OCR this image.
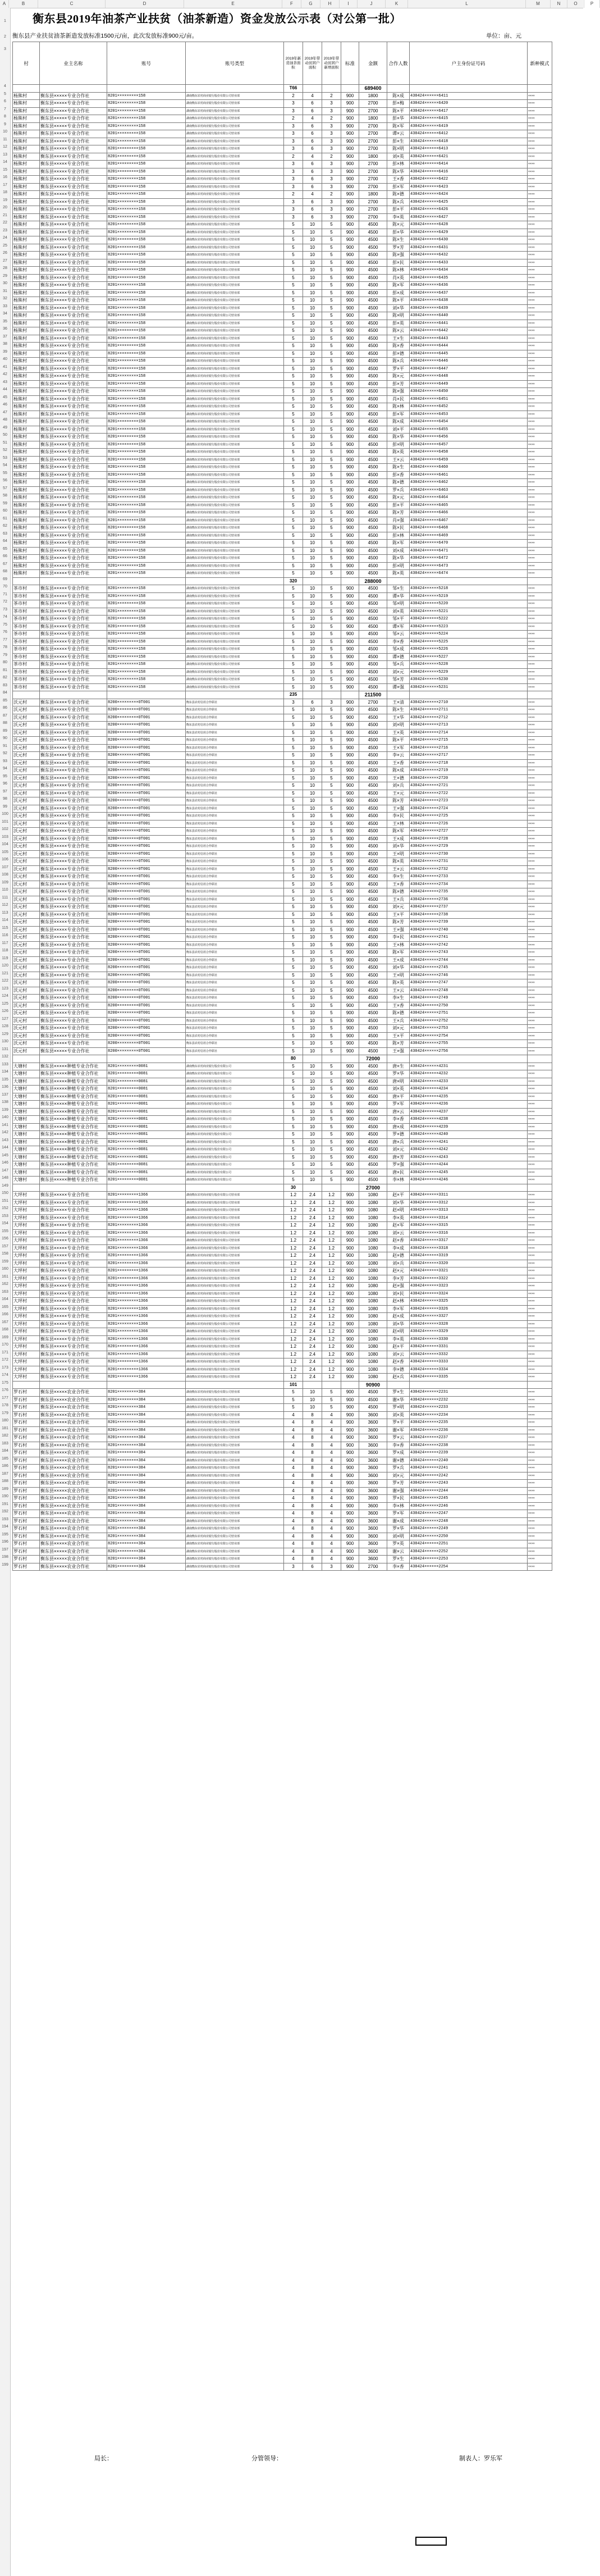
A	B	C	D	E	F	G	H	I	J	K	L	M	N	O	P
1
2
3
4
5
6
7
8
9
10
11
12
13
14
15
16
17
18
19
20
21
22
23
24
25
26
27
28
29
30
31
32
33
34
35
36
37
38
39
40
41
42
43
44
45
46
47
48
49
50
51
52
53
54
55
56
57
58
59
60
61
62
63
64
65
66
67
68
69
70
71
72
73
74
75
76
77
78
79
80
81
82
83
84
85
86
87
88
89
90
91
92
93
94
95
96
97
98
99
100
101
102
103
104
105
106
107
108
109
110
111
112
113
114
115
116
117
118
119
120
121
122
123
124
125
126
127
128
129
130
131
132
133
134
135
136
137
138
139
140
141
142
143
144
145
146
147
148
149
150
151
152
153
154
155
156
157
158
159
160
161
162
163
164
165
166
167
168
169
170
171
172
173
174
175
176
177
178
179
180
181
182
183
184
185
186
187
188
189
190
191
192
193
194
195
196
197
198
199
衡东县2019年油茶产业扶贫（油茶新造）资金发放公示表（对公第一批）
衡东县产业扶贫油茶新造发放标准1500元/亩，此次发放标准900元/亩。	单位：亩、元
村	业主名称	账号	账号类型	2019年新造油茶面积	2019年带动贫困户面积	2019年带动贫困户新增面积	标准	金额	合作人数	户主身份证号码	新种模式
				T66				689400			
杨熊村	衡东县×××××专业合作社	8201×××××××××158	湖南衡东农村商业银行股份有限公司营业部	2	4	2	900	1800	陈×成	430424××××××6411	××××
杨熊村	衡东县×××××专业合作社	8201×××××××××158	湖南衡东农村商业银行股份有限公司营业部	3	6	3	900	2700	彭×梅	430424××××××6420	××××
杨熊村	衡东县×××××专业合作社	8201×××××××××158	湖南衡东农村商业银行股份有限公司营业部	3	6	3	900	2700	陈×平	430424××××××6417	××××
杨熊村	衡东县×××××专业合作社	8201×××××××××158	湖南衡东农村商业银行股份有限公司营业部	2	4	2	900	1800	彭×华	430424××××××6415	××××
杨熊村	衡东县×××××专业合作社	8201×××××××××158	湖南衡东农村商业银行股份有限公司营业部	3	6	3	900	2700	陈×军	430424××××××6419	××××
杨熊村	衡东县×××××专业合作社	8201×××××××××158	湖南衡东农村商业银行股份有限公司营业部	3	6	3	900	2700	谭×云	430424××××××6412	××××
杨熊村	衡东县×××××专业合作社	8201×××××××××158	湖南衡东农村商业银行股份有限公司营业部	3	6	3	900	2700	彭×生	430424××××××6418	××××
杨熊村	衡东县×××××专业合作社	8201×××××××××158	湖南衡东农村商业银行股份有限公司营业部	3	6	3	900	2700	陈×明	430424××××××6413	××××
杨熊村	衡东县×××××专业合作社	8201×××××××××158	湖南衡东农村商业银行股份有限公司营业部	2	4	2	900	1800	刘×英	430424××××××6421	××××
杨熊村	衡东县×××××专业合作社	8201×××××××××158	湖南衡东农村商业银行股份有限公司营业部	3	6	3	900	2700	彭×林	430424××××××6414	××××
杨熊村	衡东县×××××专业合作社	8201×××××××××158	湖南衡东农村商业银行股份有限公司营业部	3	6	3	900	2700	陈×华	430424××××××6416	××××
杨熊村	衡东县×××××专业合作社	8201×××××××××158	湖南衡东农村商业银行股份有限公司营业部	3	6	3	900	2700	王×香	430424××××××6422	××××
杨熊村	衡东县×××××专业合作社	8201×××××××××158	湖南衡东农村商业银行股份有限公司营业部	3	6	3	900	2700	彭×军	430424××××××6423	××××
杨熊村	衡东县×××××专业合作社	8201×××××××××158	湖南衡东农村商业银行股份有限公司营业部	2	4	2	900	1800	陈×德	430424××××××6424	××××
杨熊村	衡东县×××××专业合作社	8201×××××××××158	湖南衡东农村商业银行股份有限公司营业部	3	6	3	900	2700	陈×兵	430424××××××6425	××××
杨熊村	衡东县×××××专业合作社	8201×××××××××158	湖南衡东农村商业银行股份有限公司营业部	3	6	3	900	2700	彭×平	430424××××××6426	××××
杨熊村	衡东县×××××专业合作社	8201×××××××××158	湖南衡东农村商业银行股份有限公司营业部	3	6	3	900	2700	李×英	430424××××××6427	××××
杨熊村	衡东县×××××专业合作社	8201×××××××××158	湖南衡东农村商业银行股份有限公司营业部	5	10	5	900	4500	陈×元	430424××××××6428	××××
杨熊村	衡东县×××××专业合作社	8201×××××××××158	湖南衡东农村商业银行股份有限公司营业部	5	10	5	900	4500	彭×华	430424××××××6429	××××
杨熊村	衡东县×××××专业合作社	8201×××××××××158	湖南衡东农村商业银行股份有限公司营业部	5	10	5	900	4500	陈×生	430424××××××6430	××××
杨熊村	衡东县×××××专业合作社	8201×××××××××158	湖南衡东农村商业银行股份有限公司营业部	5	10	5	900	4500	罗×芳	430424××××××6431	××××
杨熊村	衡东县×××××专业合作社	8201×××××××××158	湖南衡东农村商业银行股份有限公司营业部	5	10	5	900	4500	陈×强	430424××××××6432	××××
杨熊村	衡东县×××××专业合作社	8201×××××××××158	湖南衡东农村商业银行股份有限公司营业部	5	10	5	900	4500	彭×民	430424××××××6433	××××
杨熊村	衡东县×××××专业合作社	8201×××××××××158	湖南衡东农村商业银行股份有限公司营业部	5	10	5	900	4500	陈×林	430424××××××6434	××××
杨熊村	衡东县×××××专业合作社	8201×××××××××158	湖南衡东农村商业银行股份有限公司营业部	5	10	5	900	4500	肖×英	430424××××××6435	××××
杨熊村	衡东县×××××专业合作社	8201×××××××××158	湖南衡东农村商业银行股份有限公司营业部	5	10	5	900	4500	陈×军	430424××××××6436	××××
杨熊村	衡东县×××××专业合作社	8201×××××××××158	湖南衡东农村商业银行股份有限公司营业部	5	10	5	900	4500	彭×成	430424××××××6437	××××
杨熊村	衡东县×××××专业合作社	8201×××××××××158	湖南衡东农村商业银行股份有限公司营业部	5	10	5	900	4500	陈×平	430424××××××6438	××××
杨熊村	衡东县×××××专业合作社	8201×××××××××158	湖南衡东农村商业银行股份有限公司营业部	5	10	5	900	4500	刘×华	430424××××××6439	××××
杨熊村	衡东县×××××专业合作社	8201×××××××××158	湖南衡东农村商业银行股份有限公司营业部	5	10	5	900	4500	陈×明	430424××××××6440	××××
杨熊村	衡东县×××××专业合作社	8201×××××××××158	湖南衡东农村商业银行股份有限公司营业部	5	10	5	900	4500	彭×英	430424××××××6441	××××
杨熊村	衡东县×××××专业合作社	8201×××××××××158	湖南衡东农村商业银行股份有限公司营业部	5	10	5	900	4500	陈×云	430424××××××6442	××××
杨熊村	衡东县×××××专业合作社	8201×××××××××158	湖南衡东农村商业银行股份有限公司营业部	5	10	5	900	4500	王×生	430424××××××6443	××××
杨熊村	衡东县×××××专业合作社	8201×××××××××158	湖南衡东农村商业银行股份有限公司营业部	5	10	5	900	4500	陈×香	430424××××××6444	××××
杨熊村	衡东县×××××专业合作社	8201×××××××××158	湖南衡东农村商业银行股份有限公司营业部	5	10	5	900	4500	彭×德	430424××××××6445	××××
杨熊村	衡东县×××××专业合作社	8201×××××××××158	湖南衡东农村商业银行股份有限公司营业部	5	10	5	900	4500	陈×兵	430424××××××6446	××××
杨熊村	衡东县×××××专业合作社	8201×××××××××158	湖南衡东农村商业银行股份有限公司营业部	5	10	5	900	4500	罗×平	430424××××××6447	××××
杨熊村	衡东县×××××专业合作社	8201×××××××××158	湖南衡东农村商业银行股份有限公司营业部	5	10	5	900	4500	陈×元	430424××××××6448	××××
杨熊村	衡东县×××××专业合作社	8201×××××××××158	湖南衡东农村商业银行股份有限公司营业部	5	10	5	900	4500	彭×芳	430424××××××6449	××××
杨熊村	衡东县×××××专业合作社	8201×××××××××158	湖南衡东农村商业银行股份有限公司营业部	5	10	5	900	4500	陈×强	430424××××××6450	××××
杨熊村	衡东县×××××专业合作社	8201×××××××××158	湖南衡东农村商业银行股份有限公司营业部	5	10	5	900	4500	肖×民	430424××××××6451	××××
杨熊村	衡东县×××××专业合作社	8201×××××××××158	湖南衡东农村商业银行股份有限公司营业部	5	10	5	900	4500	陈×林	430424××××××6452	××××
杨熊村	衡东县×××××专业合作社	8201×××××××××158	湖南衡东农村商业银行股份有限公司营业部	5	10	5	900	4500	彭×军	430424××××××6453	××××
杨熊村	衡东县×××××专业合作社	8201×××××××××158	湖南衡东农村商业银行股份有限公司营业部	5	10	5	900	4500	陈×成	430424××××××6454	××××
杨熊村	衡东县×××××专业合作社	8201×××××××××158	湖南衡东农村商业银行股份有限公司营业部	5	10	5	900	4500	刘×平	430424××××××6455	××××
杨熊村	衡东县×××××专业合作社	8201×××××××××158	湖南衡东农村商业银行股份有限公司营业部	5	10	5	900	4500	陈×华	430424××××××6456	××××
杨熊村	衡东县×××××专业合作社	8201×××××××××158	湖南衡东农村商业银行股份有限公司营业部	5	10	5	900	4500	彭×明	430424××××××6457	××××
杨熊村	衡东县×××××专业合作社	8201×××××××××158	湖南衡东农村商业银行股份有限公司营业部	5	10	5	900	4500	陈×英	430424××××××6458	××××
杨熊村	衡东县×××××专业合作社	8201×××××××××158	湖南衡东农村商业银行股份有限公司营业部	5	10	5	900	4500	王×云	430424××××××6459	××××
杨熊村	衡东县×××××专业合作社	8201×××××××××158	湖南衡东农村商业银行股份有限公司营业部	5	10	5	900	4500	陈×生	430424××××××6460	××××
杨熊村	衡东县×××××专业合作社	8201×××××××××158	湖南衡东农村商业银行股份有限公司营业部	5	10	5	900	4500	彭×香	430424××××××6461	××××
杨熊村	衡东县×××××专业合作社	8201×××××××××158	湖南衡东农村商业银行股份有限公司营业部	5	10	5	900	4500	陈×德	430424××××××6462	××××
杨熊村	衡东县×××××专业合作社	8201×××××××××158	湖南衡东农村商业银行股份有限公司营业部	5	10	5	900	4500	罗×兵	430424××××××6463	××××
杨熊村	衡东县×××××专业合作社	8201×××××××××158	湖南衡东农村商业银行股份有限公司营业部	5	10	5	900	4500	陈×元	430424××××××6464	××××
杨熊村	衡东县×××××专业合作社	8201×××××××××158	湖南衡东农村商业银行股份有限公司营业部	5	10	5	900	4500	彭×平	430424××××××6465	××××
杨熊村	衡东县×××××专业合作社	8201×××××××××158	湖南衡东农村商业银行股份有限公司营业部	5	10	5	900	4500	陈×芳	430424××××××6466	××××
杨熊村	衡东县×××××专业合作社	8201×××××××××158	湖南衡东农村商业银行股份有限公司营业部	5	10	5	900	4500	肖×强	430424××××××6467	××××
杨熊村	衡东县×××××专业合作社	8201×××××××××158	湖南衡东农村商业银行股份有限公司营业部	5	10	5	900	4500	陈×民	430424××××××6468	××××
杨熊村	衡东县×××××专业合作社	8201×××××××××158	湖南衡东农村商业银行股份有限公司营业部	5	10	5	900	4500	彭×林	430424××××××6469	××××
杨熊村	衡东县×××××专业合作社	8201×××××××××158	湖南衡东农村商业银行股份有限公司营业部	5	10	5	900	4500	陈×军	430424××××××6470	××××
杨熊村	衡东县×××××专业合作社	8201×××××××××158	湖南衡东农村商业银行股份有限公司营业部	5	10	5	900	4500	刘×成	430424××××××6471	××××
杨熊村	衡东县×××××专业合作社	8201×××××××××158	湖南衡东农村商业银行股份有限公司营业部	5	10	5	900	4500	陈×华	430424××××××6472	××××
杨熊村	衡东县×××××专业合作社	8201×××××××××158	湖南衡东农村商业银行股份有限公司营业部	5	10	5	900	4500	彭×明	430424××××××6473	××××
杨熊村	衡东县×××××专业合作社	8201×××××××××158	湖南衡东农村商业银行股份有限公司营业部	5	10	5	900	4500	陈×英	430424××××××6474	××××
				320				288000			
茶市村	衡东县×××××专业合作社	8201×××××××××158	湖南衡东农村商业银行股份有限公司营业部	5	10	5	900	4500	邹×生	430424××××××5218	××××
茶市村	衡东县×××××专业合作社	8201×××××××××158	湖南衡东农村商业银行股份有限公司营业部	5	10	5	900	4500	谭×华	430424××××××5219	××××
茶市村	衡东县×××××专业合作社	8201×××××××××158	湖南衡东农村商业银行股份有限公司营业部	5	10	5	900	4500	邹×明	430424××××××5220	××××
茶市村	衡东县×××××专业合作社	8201×××××××××158	湖南衡东农村商业银行股份有限公司营业部	5	10	5	900	4500	刘×英	430424××××××5221	××××
茶市村	衡东县×××××专业合作社	8201×××××××××158	湖南衡东农村商业银行股份有限公司营业部	5	10	5	900	4500	邹×平	430424××××××5222	××××
茶市村	衡东县×××××专业合作社	8201×××××××××158	湖南衡东农村商业银行股份有限公司营业部	5	10	5	900	4500	谭×军	430424××××××5223	××××
茶市村	衡东县×××××专业合作社	8201×××××××××158	湖南衡东农村商业银行股份有限公司营业部	5	10	5	900	4500	邹×云	430424××××××5224	××××
茶市村	衡东县×××××专业合作社	8201×××××××××158	湖南衡东农村商业银行股份有限公司营业部	5	10	5	900	4500	李×香	430424××××××5225	××××
茶市村	衡东县×××××专业合作社	8201×××××××××158	湖南衡东农村商业银行股份有限公司营业部	5	10	5	900	4500	邹×成	430424××××××5226	××××
茶市村	衡东县×××××专业合作社	8201×××××××××158	湖南衡东农村商业银行股份有限公司营业部	5	10	5	900	4500	谭×德	430424××××××5227	××××
茶市村	衡东县×××××专业合作社	8201×××××××××158	湖南衡东农村商业银行股份有限公司营业部	5	10	5	900	4500	邹×兵	430424××××××5228	××××
茶市村	衡东县×××××专业合作社	8201×××××××××158	湖南衡东农村商业银行股份有限公司营业部	5	10	5	900	4500	刘×元	430424××××××5229	××××
茶市村	衡东县×××××专业合作社	8201×××××××××158	湖南衡东农村商业银行股份有限公司营业部	5	10	5	900	4500	邹×芳	430424××××××5230	××××
茶市村	衡东县×××××专业合作社	8201×××××××××158	湖南衡东农村商业银行股份有限公司营业部	5	10	5	900	4500	谭×强	430424××××××5231	××××
				235				211500			
沃元村	衡东县×××××专业合作社	8200×××××××××0T001	衡东县农村信用合作联社	3	6	3	900	2700	王×清	430424××××××2710	××××
沃元村	衡东县×××××专业合作社	8200×××××××××0T001	衡东县农村信用合作联社	5	10	5	900	4500	陈×生	430424××××××2711	××××
沃元村	衡东县×××××专业合作社	8200×××××××××0T001	衡东县农村信用合作联社	5	10	5	900	4500	王×华	430424××××××2712	××××
沃元村	衡东县×××××专业合作社	8200×××××××××0T001	衡东县农村信用合作联社	5	10	5	900	4500	刘×明	430424××××××2713	××××
沃元村	衡东县×××××专业合作社	8200×××××××××0T001	衡东县农村信用合作联社	5	10	5	900	4500	王×英	430424××××××2714	××××
沃元村	衡东县×××××专业合作社	8200×××××××××0T001	衡东县农村信用合作联社	5	10	5	900	4500	陈×平	430424××××××2715	××××
沃元村	衡东县×××××专业合作社	8200×××××××××0T001	衡东县农村信用合作联社	5	10	5	900	4500	王×军	430424××××××2716	××××
沃元村	衡东县×××××专业合作社	8200×××××××××0T001	衡东县农村信用合作联社	5	10	5	900	4500	李×云	430424××××××2717	××××
沃元村	衡东县×××××专业合作社	8200×××××××××0T001	衡东县农村信用合作联社	5	10	5	900	4500	王×香	430424××××××2718	××××
沃元村	衡东县×××××专业合作社	8200×××××××××0T001	衡东县农村信用合作联社	5	10	5	900	4500	陈×成	430424××××××2719	××××
沃元村	衡东县×××××专业合作社	8200×××××××××0T001	衡东县农村信用合作联社	5	10	5	900	4500	王×德	430424××××××2720	××××
沃元村	衡东县×××××专业合作社	8200×××××××××0T001	衡东县农村信用合作联社	5	10	5	900	4500	刘×兵	430424××××××2721	××××
沃元村	衡东县×××××专业合作社	8200×××××××××0T001	衡东县农村信用合作联社	5	10	5	900	4500	王×元	430424××××××2722	××××
沃元村	衡东县×××××专业合作社	8200×××××××××0T001	衡东县农村信用合作联社	5	10	5	900	4500	陈×芳	430424××××××2723	××××
沃元村	衡东县×××××专业合作社	8200×××××××××0T001	衡东县农村信用合作联社	5	10	5	900	4500	王×强	430424××××××2724	××××
沃元村	衡东县×××××专业合作社	8200×××××××××0T001	衡东县农村信用合作联社	5	10	5	900	4500	李×民	430424××××××2725	××××
沃元村	衡东县×××××专业合作社	8200×××××××××0T001	衡东县农村信用合作联社	5	10	5	900	4500	王×林	430424××××××2726	××××
沃元村	衡东县×××××专业合作社	8200×××××××××0T001	衡东县农村信用合作联社	5	10	5	900	4500	陈×军	430424××××××2727	××××
沃元村	衡东县×××××专业合作社	8200×××××××××0T001	衡东县农村信用合作联社	5	10	5	900	4500	王×成	430424××××××2728	××××
沃元村	衡东县×××××专业合作社	8200×××××××××0T001	衡东县农村信用合作联社	5	10	5	900	4500	刘×华	430424××××××2729	××××
沃元村	衡东县×××××专业合作社	8200×××××××××0T001	衡东县农村信用合作联社	5	10	5	900	4500	王×明	430424××××××2730	××××
沃元村	衡东县×××××专业合作社	8200×××××××××0T001	衡东县农村信用合作联社	5	10	5	900	4500	陈×英	430424××××××2731	××××
沃元村	衡东县×××××专业合作社	8200×××××××××0T001	衡东县农村信用合作联社	5	10	5	900	4500	王×云	430424××××××2732	××××
沃元村	衡东县×××××专业合作社	8200×××××××××0T001	衡东县农村信用合作联社	5	10	5	900	4500	李×生	430424××××××2733	××××
沃元村	衡东县×××××专业合作社	8200×××××××××0T001	衡东县农村信用合作联社	5	10	5	900	4500	王×香	430424××××××2734	××××
沃元村	衡东县×××××专业合作社	8200×××××××××0T001	衡东县农村信用合作联社	5	10	5	900	4500	陈×德	430424××××××2735	××××
沃元村	衡东县×××××专业合作社	8200×××××××××0T001	衡东县农村信用合作联社	5	10	5	900	4500	王×兵	430424××××××2736	××××
沃元村	衡东县×××××专业合作社	8200×××××××××0T001	衡东县农村信用合作联社	5	10	5	900	4500	刘×元	430424××××××2737	××××
沃元村	衡东县×××××专业合作社	8200×××××××××0T001	衡东县农村信用合作联社	5	10	5	900	4500	王×平	430424××××××2738	××××
沃元村	衡东县×××××专业合作社	8200×××××××××0T001	衡东县农村信用合作联社	5	10	5	900	4500	陈×芳	430424××××××2739	××××
沃元村	衡东县×××××专业合作社	8200×××××××××0T001	衡东县农村信用合作联社	5	10	5	900	4500	王×强	430424××××××2740	××××
沃元村	衡东县×××××专业合作社	8200×××××××××0T001	衡东县农村信用合作联社	5	10	5	900	4500	李×民	430424××××××2741	××××
沃元村	衡东县×××××专业合作社	8200×××××××××0T001	衡东县农村信用合作联社	5	10	5	900	4500	王×林	430424××××××2742	××××
沃元村	衡东县×××××专业合作社	8200×××××××××0T001	衡东县农村信用合作联社	5	10	5	900	4500	陈×军	430424××××××2743	××××
沃元村	衡东县×××××专业合作社	8200×××××××××0T001	衡东县农村信用合作联社	5	10	5	900	4500	王×成	430424××××××2744	××××
沃元村	衡东县×××××专业合作社	8200×××××××××0T001	衡东县农村信用合作联社	5	10	5	900	4500	刘×华	430424××××××2745	××××
沃元村	衡东县×××××专业合作社	8200×××××××××0T001	衡东县农村信用合作联社	5	10	5	900	4500	王×明	430424××××××2746	××××
沃元村	衡东县×××××专业合作社	8200×××××××××0T001	衡东县农村信用合作联社	5	10	5	900	4500	陈×英	430424××××××2747	××××
沃元村	衡东县×××××专业合作社	8200×××××××××0T001	衡东县农村信用合作联社	5	10	5	900	4500	王×云	430424××××××2748	××××
沃元村	衡东县×××××专业合作社	8200×××××××××0T001	衡东县农村信用合作联社	5	10	5	900	4500	李×生	430424××××××2749	××××
沃元村	衡东县×××××专业合作社	8200×××××××××0T001	衡东县农村信用合作联社	5	10	5	900	4500	王×香	430424××××××2750	××××
沃元村	衡东县×××××专业合作社	8200×××××××××0T001	衡东县农村信用合作联社	5	10	5	900	4500	陈×德	430424××××××2751	××××
沃元村	衡东县×××××专业合作社	8200×××××××××0T001	衡东县农村信用合作联社	5	10	5	900	4500	王×兵	430424××××××2752	××××
沃元村	衡东县×××××专业合作社	8200×××××××××0T001	衡东县农村信用合作联社	5	10	5	900	4500	刘×元	430424××××××2753	××××
沃元村	衡东县×××××专业合作社	8200×××××××××0T001	衡东县农村信用合作联社	5	10	5	900	4500	王×平	430424××××××2754	××××
沃元村	衡东县×××××专业合作社	8200×××××××××0T001	衡东县农村信用合作联社	5	10	5	900	4500	陈×芳	430424××××××2755	××××
沃元村	衡东县×××××专业合作社	8200×××××××××0T001	衡东县农村信用合作联社	5	10	5	900	4500	王×强	430424××××××2756	××××
				80				72000			
大塘村	衡东县×××××种植专业合作社	8201×××××××××0081	湖南衡东农村商业银行股份有限公司	5	10	5	900	4500	唐×生	430424××××××4231	××××
大塘村	衡东县×××××种植专业合作社	8201×××××××××0081	湖南衡东农村商业银行股份有限公司	5	10	5	900	4500	罗×华	430424××××××4232	××××
大塘村	衡东县×××××种植专业合作社	8201×××××××××0081	湖南衡东农村商业银行股份有限公司	5	10	5	900	4500	唐×明	430424××××××4233	××××
大塘村	衡东县×××××种植专业合作社	8201×××××××××0081	湖南衡东农村商业银行股份有限公司	5	10	5	900	4500	刘×英	430424××××××4234	××××
大塘村	衡东县×××××种植专业合作社	8201×××××××××0081	湖南衡东农村商业银行股份有限公司	5	10	5	900	4500	唐×平	430424××××××4235	××××
大塘村	衡东县×××××种植专业合作社	8201×××××××××0081	湖南衡东农村商业银行股份有限公司	5	10	5	900	4500	罗×军	430424××××××4236	××××
大塘村	衡东县×××××种植专业合作社	8201×××××××××0081	湖南衡东农村商业银行股份有限公司	5	10	5	900	4500	唐×云	430424××××××4237	××××
大塘村	衡东县×××××种植专业合作社	8201×××××××××0081	湖南衡东农村商业银行股份有限公司	5	10	5	900	4500	李×香	430424××××××4238	××××
大塘村	衡东县×××××种植专业合作社	8201×××××××××0081	湖南衡东农村商业银行股份有限公司	5	10	5	900	4500	唐×成	430424××××××4239	××××
大塘村	衡东县×××××种植专业合作社	8201×××××××××0081	湖南衡东农村商业银行股份有限公司	5	10	5	900	4500	罗×德	430424××××××4240	××××
大塘村	衡东县×××××种植专业合作社	8201×××××××××0081	湖南衡东农村商业银行股份有限公司	5	10	5	900	4500	唐×兵	430424××××××4241	××××
大塘村	衡东县×××××种植专业合作社	8201×××××××××0081	湖南衡东农村商业银行股份有限公司	5	10	5	900	4500	刘×元	430424××××××4242	××××
大塘村	衡东县×××××种植专业合作社	8201×××××××××0081	湖南衡东农村商业银行股份有限公司	5	10	5	900	4500	唐×芳	430424××××××4243	××××
大塘村	衡东县×××××种植专业合作社	8201×××××××××0081	湖南衡东农村商业银行股份有限公司	5	10	5	900	4500	罗×强	430424××××××4244	××××
大塘村	衡东县×××××种植专业合作社	8201×××××××××0081	湖南衡东农村商业银行股份有限公司	5	10	5	900	4500	唐×民	430424××××××4245	××××
大塘村	衡东县×××××种植专业合作社	8201×××××××××0081	湖南衡东农村商业银行股份有限公司	5	10	5	900	4500	李×林	430424××××××4246	××××
				30				27000			
大坪村	衡东县×××××专业合作社	8201×××××××××1366	湖南衡东农村商业银行股份有限公司营业部	1.2	2.4	1.2	900	1080	赵×平	430424××××××3311	××××
大坪村	衡东县×××××专业合作社	8201×××××××××1366	湖南衡东农村商业银行股份有限公司营业部	1.2	2.4	1.2	900	1080	刘×华	430424××××××3312	××××
大坪村	衡东县×××××专业合作社	8201×××××××××1366	湖南衡东农村商业银行股份有限公司营业部	1.2	2.4	1.2	900	1080	赵×明	430424××××××3313	××××
大坪村	衡东县×××××专业合作社	8201×××××××××1366	湖南衡东农村商业银行股份有限公司营业部	1.2	2.4	1.2	900	1080	李×英	430424××××××3314	××××
大坪村	衡东县×××××专业合作社	8201×××××××××1366	湖南衡东农村商业银行股份有限公司营业部	1.2	2.4	1.2	900	1080	赵×军	430424××××××3315	××××
大坪村	衡东县×××××专业合作社	8201×××××××××1366	湖南衡东农村商业银行股份有限公司营业部	1.2	2.4	1.2	900	1080	刘×云	430424××××××3316	××××
大坪村	衡东县×××××专业合作社	8201×××××××××1366	湖南衡东农村商业银行股份有限公司营业部	1.2	2.4	1.2	900	1080	赵×香	430424××××××3317	××××
大坪村	衡东县×××××专业合作社	8201×××××××××1366	湖南衡东农村商业银行股份有限公司营业部	1.2	2.4	1.2	900	1080	李×成	430424××××××3318	××××
大坪村	衡东县×××××专业合作社	8201×××××××××1366	湖南衡东农村商业银行股份有限公司营业部	1.2	2.4	1.2	900	1080	赵×德	430424××××××3319	××××
大坪村	衡东县×××××专业合作社	8201×××××××××1366	湖南衡东农村商业银行股份有限公司营业部	1.2	2.4	1.2	900	1080	刘×兵	430424××××××3320	××××
大坪村	衡东县×××××专业合作社	8201×××××××××1366	湖南衡东农村商业银行股份有限公司营业部	1.2	2.4	1.2	900	1080	赵×元	430424××××××3321	××××
大坪村	衡东县×××××专业合作社	8201×××××××××1366	湖南衡东农村商业银行股份有限公司营业部	1.2	2.4	1.2	900	1080	李×芳	430424××××××3322	××××
大坪村	衡东县×××××专业合作社	8201×××××××××1366	湖南衡东农村商业银行股份有限公司营业部	1.2	2.4	1.2	900	1080	赵×强	430424××××××3323	××××
大坪村	衡东县×××××专业合作社	8201×××××××××1366	湖南衡东农村商业银行股份有限公司营业部	1.2	2.4	1.2	900	1080	刘×民	430424××××××3324	××××
大坪村	衡东县×××××专业合作社	8201×××××××××1366	湖南衡东农村商业银行股份有限公司营业部	1.2	2.4	1.2	900	1080	赵×林	430424××××××3325	××××
大坪村	衡东县×××××专业合作社	8201×××××××××1366	湖南衡东农村商业银行股份有限公司营业部	1.2	2.4	1.2	900	1080	李×军	430424××××××3326	××××
大坪村	衡东县×××××专业合作社	8201×××××××××1366	湖南衡东农村商业银行股份有限公司营业部	1.2	2.4	1.2	900	1080	赵×成	430424××××××3327	××××
大坪村	衡东县×××××专业合作社	8201×××××××××1366	湖南衡东农村商业银行股份有限公司营业部	1.2	2.4	1.2	900	1080	刘×华	430424××××××3328	××××
大坪村	衡东县×××××专业合作社	8201×××××××××1366	湖南衡东农村商业银行股份有限公司营业部	1.2	2.4	1.2	900	1080	赵×明	430424××××××3329	××××
大坪村	衡东县×××××专业合作社	8201×××××××××1366	湖南衡东农村商业银行股份有限公司营业部	1.2	2.4	1.2	900	1080	李×英	430424××××××3330	××××
大坪村	衡东县×××××专业合作社	8201×××××××××1366	湖南衡东农村商业银行股份有限公司营业部	1.2	2.4	1.2	900	1080	赵×平	430424××××××3331	××××
大坪村	衡东县×××××专业合作社	8201×××××××××1366	湖南衡东农村商业银行股份有限公司营业部	1.2	2.4	1.2	900	1080	刘×云	430424××××××3332	××××
大坪村	衡东县×××××专业合作社	8201×××××××××1366	湖南衡东农村商业银行股份有限公司营业部	1.2	2.4	1.2	900	1080	赵×香	430424××××××3333	××××
大坪村	衡东县×××××专业合作社	8201×××××××××1366	湖南衡东农村商业银行股份有限公司营业部	1.2	2.4	1.2	900	1080	李×德	430424××××××3334	××××
大坪村	衡东县×××××专业合作社	8201×××××××××1366	湖南衡东农村商业银行股份有限公司营业部	1.2	2.4	1.2	900	1080	赵×兵	430424××××××3335	××××
				101				90900			
罗石村	衡东县×××××农业合作社	8201×××××××××384	湖南衡东农村商业银行股份有限公司营业部	5	10	5	900	4500	罗×生	430424××××××2231	××××
罗石村	衡东县×××××农业合作社	8201×××××××××384	湖南衡东农村商业银行股份有限公司营业部	5	10	5	900	4500	谢×华	430424××××××2232	××××
罗石村	衡东县×××××农业合作社	8201×××××××××384	湖南衡东农村商业银行股份有限公司营业部	5	10	5	900	4500	罗×明	430424××××××2233	××××
罗石村	衡东县×××××农业合作社	8201×××××××××384	湖南衡东农村商业银行股份有限公司营业部	4	8	4	900	3600	刘×英	430424××××××2234	××××
罗石村	衡东县×××××农业合作社	8201×××××××××384	湖南衡东农村商业银行股份有限公司营业部	4	8	4	900	3600	罗×平	430424××××××2235	××××
罗石村	衡东县×××××农业合作社	8201×××××××××384	湖南衡东农村商业银行股份有限公司营业部	4	8	4	900	3600	谢×军	430424××××××2236	××××
罗石村	衡东县×××××农业合作社	8201×××××××××384	湖南衡东农村商业银行股份有限公司营业部	4	8	4	900	3600	罗×云	430424××××××2237	××××
罗石村	衡东县×××××农业合作社	8201×××××××××384	湖南衡东农村商业银行股份有限公司营业部	4	8	4	900	3600	李×香	430424××××××2238	××××
罗石村	衡东县×××××农业合作社	8201×××××××××384	湖南衡东农村商业银行股份有限公司营业部	4	8	4	900	3600	罗×成	430424××××××2239	××××
罗石村	衡东县×××××农业合作社	8201×××××××××384	湖南衡东农村商业银行股份有限公司营业部	4	8	4	900	3600	谢×德	430424××××××2240	××××
罗石村	衡东县×××××农业合作社	8201×××××××××384	湖南衡东农村商业银行股份有限公司营业部	4	8	4	900	3600	罗×兵	430424××××××2241	××××
罗石村	衡东县×××××农业合作社	8201×××××××××384	湖南衡东农村商业银行股份有限公司营业部	4	8	4	900	3600	刘×元	430424××××××2242	××××
罗石村	衡东县×××××农业合作社	8201×××××××××384	湖南衡东农村商业银行股份有限公司营业部	4	8	4	900	3600	罗×芳	430424××××××2243	××××
罗石村	衡东县×××××农业合作社	8201×××××××××384	湖南衡东农村商业银行股份有限公司营业部	4	8	4	900	3600	谢×强	430424××××××2244	××××
罗石村	衡东县×××××农业合作社	8201×××××××××384	湖南衡东农村商业银行股份有限公司营业部	4	8	4	900	3600	罗×民	430424××××××2245	××××
罗石村	衡东县×××××农业合作社	8201×××××××××384	湖南衡东农村商业银行股份有限公司营业部	4	8	4	900	3600	李×林	430424××××××2246	××××
罗石村	衡东县×××××农业合作社	8201×××××××××384	湖南衡东农村商业银行股份有限公司营业部	4	8	4	900	3600	罗×军	430424××××××2247	××××
罗石村	衡东县×××××农业合作社	8201×××××××××384	湖南衡东农村商业银行股份有限公司营业部	4	8	4	900	3600	谢×成	430424××××××2248	××××
罗石村	衡东县×××××农业合作社	8201×××××××××384	湖南衡东农村商业银行股份有限公司营业部	4	8	4	900	3600	罗×华	430424××××××2249	××××
罗石村	衡东县×××××农业合作社	8201×××××××××384	湖南衡东农村商业银行股份有限公司营业部	4	8	4	900	3600	刘×明	430424××××××2250	××××
罗石村	衡东县×××××农业合作社	8201×××××××××384	湖南衡东农村商业银行股份有限公司营业部	4	8	4	900	3600	罗×英	430424××××××2251	××××
罗石村	衡东县×××××农业合作社	8201×××××××××384	湖南衡东农村商业银行股份有限公司营业部	4	8	4	900	3600	谢×云	430424××××××2252	××××
罗石村	衡东县×××××农业合作社	8201×××××××××384	湖南衡东农村商业银行股份有限公司营业部	4	8	4	900	3600	罗×生	430424××××××2253	××××
罗石村	衡东县×××××农业合作社	8201×××××××××384	湖南衡东农村商业银行股份有限公司营业部	3	6	3	900	2700	李×香	430424××××××2254	××××
局长：	分管领导：	制表人：罗乐军
